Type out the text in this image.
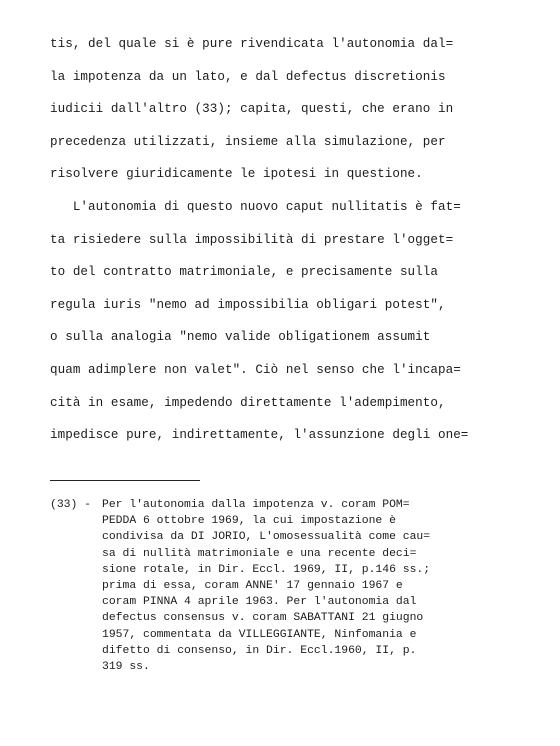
tis, del quale si è pure rivendicata l'autonomia dal=
la impotenza da un lato, e dal defectus discretionis
iudicii dall'altro (33); capita, questi, che erano in
precedenza utilizzati, insieme alla simulazione, per
risolvere giuridicamente le ipotesi in questione.
L'autonomia di questo nuovo caput nullitatis è fat=
ta risiedere sulla impossibilità di prestare l'ogget=
to del contratto matrimoniale, e precisamente sulla
regula iuris "nemo ad impossibilia obligari potest",
o sulla analogia "nemo valide obligationem assumit
quam adimplere non valet". Ciò nel senso che l'incapa=
cità in esame, impedendo direttamente l'adempimento,
impedisce pure, indirettamente, l'assunzione degli one=
(33) - Per l'autonomia dalla impotenza v. coram POM=
PEDDA 6 ottobre 1969, la cui impostazione è
condivisa da DI JORIO, L'omosessualità come cau=
sa di nullità matrimoniale e una recente deci=
sione rotale, in Dir. Eccl. 1969, II, p.146 ss.;
prima di essa, coram ANNE' 17 gennaio 1967 e
coram PINNA 4 aprile 1963. Per l'autonomia dal
defectus consensus v. coram SABATTANI 21 giugno
1957, commentata da VILLEGGIANTE, Ninfomania e
difetto di consenso, in Dir. Eccl.1960, II, p.
319 ss.
